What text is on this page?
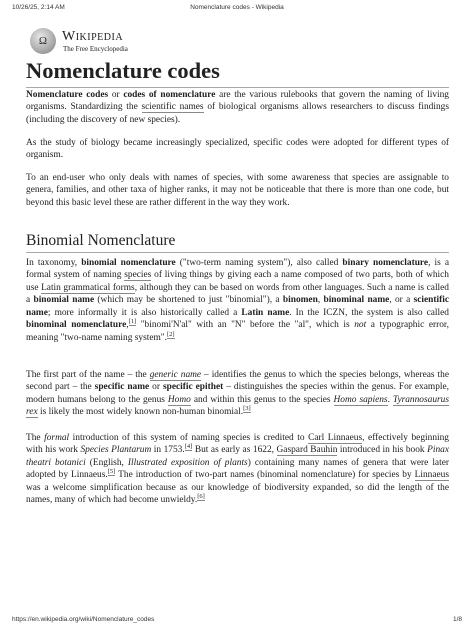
10/26/25, 2:14 AM	Nomenclature codes - Wikipedia
Ω	Wikipedia
The Free Encyclopedia
Nomenclature codes

Nomenclature codes or codes of nomenclature are the various rulebooks that govern the naming of living organisms. Standardizing the scientific names of biological organisms allows researchers to discuss findings (including the discovery of new species).

As the study of biology became increasingly specialized, specific codes were adopted for different types of organism.

To an end-user who only deals with names of species, with some awareness that species are assignable to genera, families, and other taxa of higher ranks, it may not be noticeable that there is more than one code, but beyond this basic level these are rather different in the way they work.

Binomial Nomenclature

In taxonomy, binomial nomenclature ("two-term naming system"), also called binary nomenclature, is a formal system of naming species of living things by giving each a name composed of two parts, both of which use Latin grammatical forms, although they can be based on words from other languages. Such a name is called a binomial name (which may be shortened to just "binomial"), a binomen, binominal name, or a scientific name; more informally it is also historically called a Latin name. In the ICZN, the system is also called binominal nomenclature,[1] "binomi'N'al" with an "N" before the "al", which is not a typographic error, meaning "two-name naming system".[2]

The first part of the name – the generic name – identifies the genus to which the species belongs, whereas the second part – the specific name or specific epithet – distinguishes the species within the genus. For example, modern humans belong to the genus Homo and within this genus to the species Homo sapiens. Tyrannosaurus rex is likely the most widely known non-human binomial.[3]

The formal introduction of this system of naming species is credited to Carl Linnaeus, effectively beginning with his work Species Plantarum in 1753.[4] But as early as 1622, Gaspard Bauhin introduced in his book Pinax theatri botanici (English, Illustrated exposition of plants) containing many names of genera that were later adopted by Linnaeus.[5] The introduction of two-part names (binominal nomenclature) for species by Linnaeus was a welcome simplification because as our knowledge of biodiversity expanded, so did the length of the names, many of which had become unwieldy.[6]

https://en.wikipedia.org/wiki/Nomenclature_codes	1/8
